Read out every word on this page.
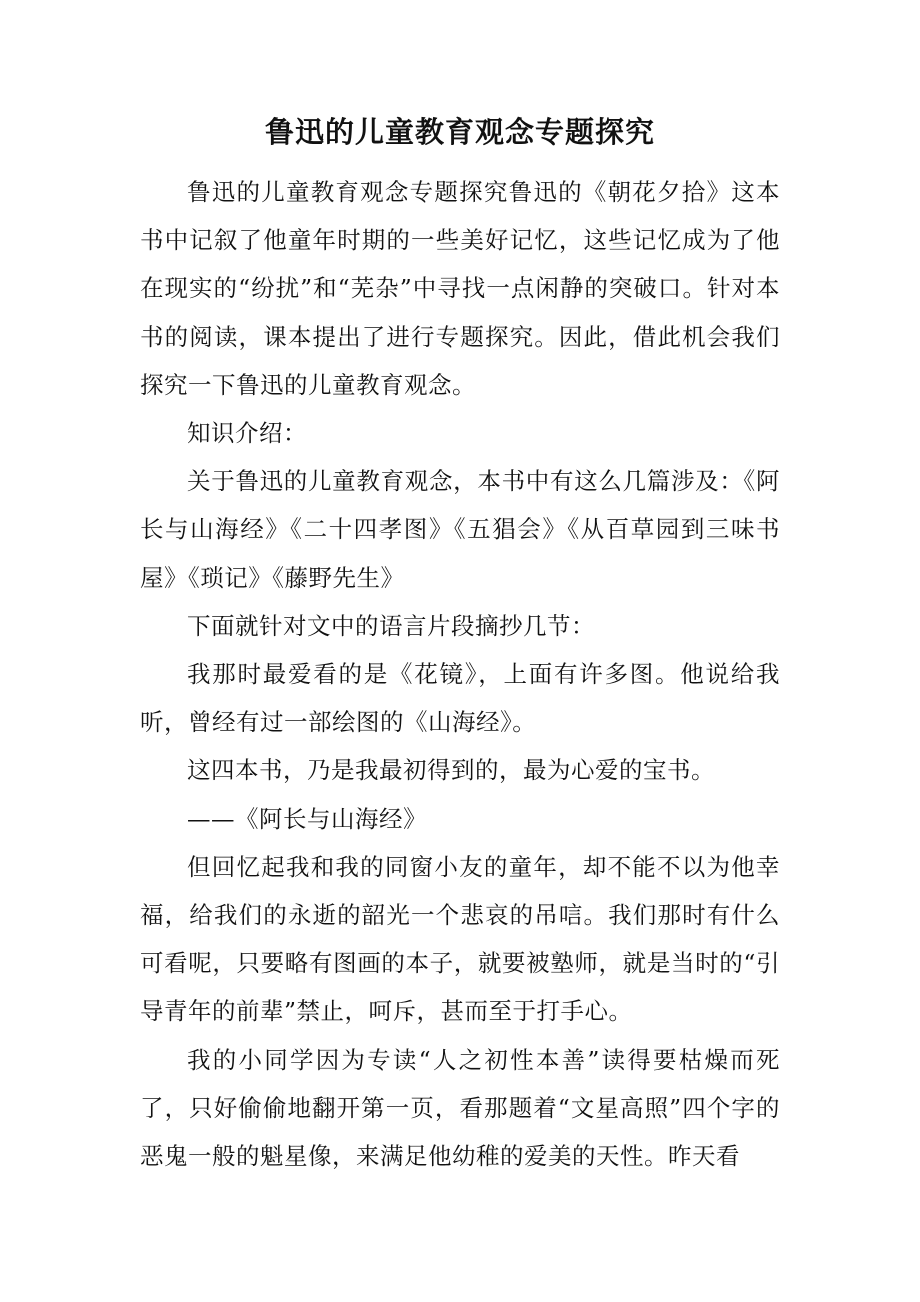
鲁迅的儿童教育观念专题探究

鲁迅的儿童教育观念专题探究鲁迅的《朝花夕拾》这本书中记叙了他童年时期的一些美好记忆，这些记忆成为了他在现实的“纷扰”和“芜杂”中寻找一点闲静的突破口。针对本书的阅读，课本提出了进行专题探究。因此，借此机会我们探究一下鲁迅的儿童教育观念。

知识介绍：

关于鲁迅的儿童教育观念，本书中有这么几篇涉及：《阿长与山海经》《二十四孝图》《五猖会》《从百草园到三味书屋》《琐记》《藤野先生》

下面就针对文中的语言片段摘抄几节：

我那时最爱看的是《花镜》，上面有许多图。他说给我听，曾经有过一部绘图的《山海经》。

这四本书，乃是我最初得到的，最为心爱的宝书。

——《阿长与山海经》

但回忆起我和我的同窗小友的童年，却不能不以为他幸福，给我们的永逝的韶光一个悲哀的吊唁。我们那时有什么可看呢，只要略有图画的本子，就要被塾师，就是当时的“引导青年的前辈”禁止，呵斥，甚而至于打手心。

我的小同学因为专读“人之初性本善”读得要枯燥而死了，只好偷偷地翻开第一页，看那题着“文星高照”四个字的恶鬼一般的魁星像，来满足他幼稚的爱美的天性。昨天看
